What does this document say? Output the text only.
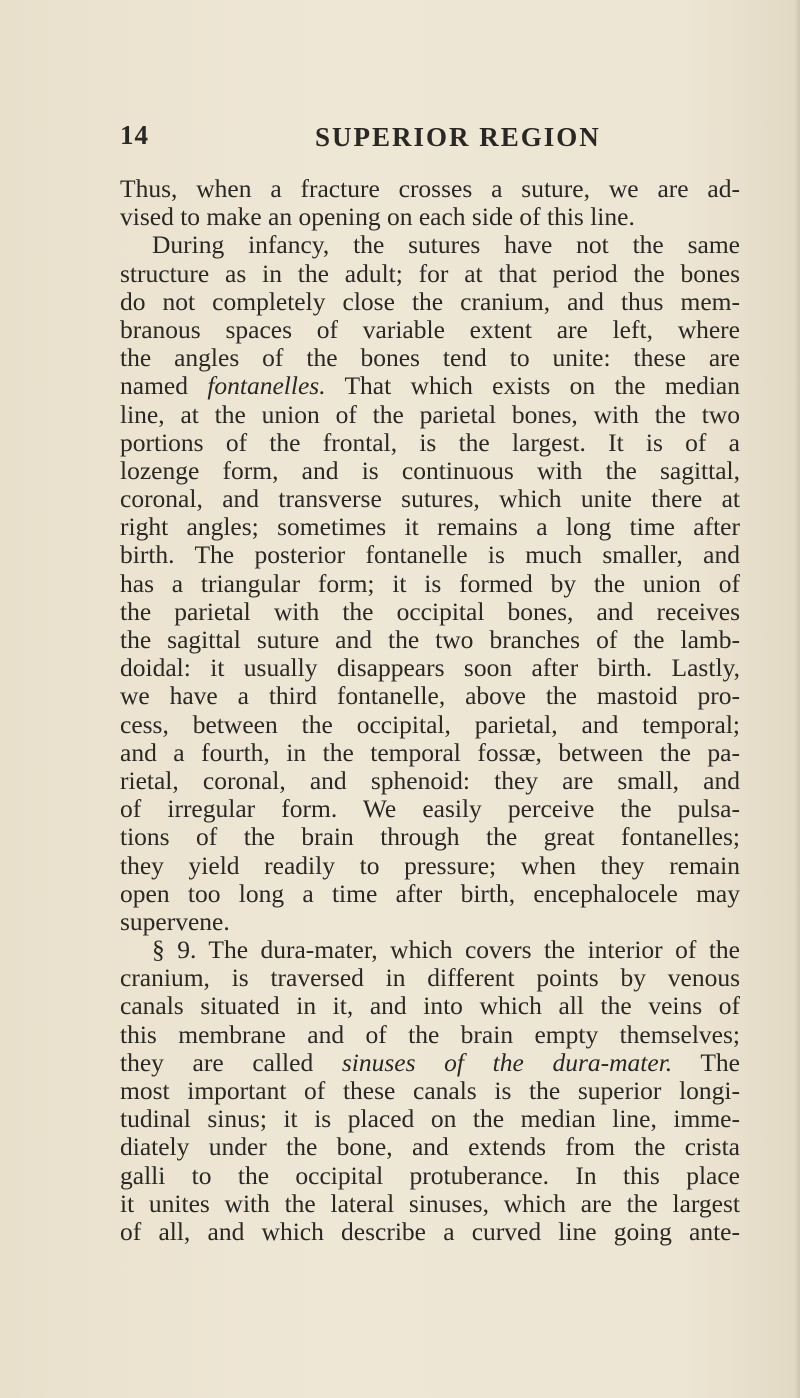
14	SUPERIOR REGION
Thus, when a fracture crosses a suture, we are ad-
vised to make an opening on each side of this line.
During infancy, the sutures have not the same
structure as in the adult; for at that period the bones
do not completely close the cranium, and thus mem-
branous spaces of variable extent are left, where
the angles of the bones tend to unite: these are
named fontanelles. That which exists on the median
line, at the union of the parietal bones, with the two
portions of the frontal, is the largest. It is of a
lozenge form, and is continuous with the sagittal,
coronal, and transverse sutures, which unite there at
right angles; sometimes it remains a long time after
birth. The posterior fontanelle is much smaller, and
has a triangular form; it is formed by the union of
the parietal with the occipital bones, and receives
the sagittal suture and the two branches of the lamb-
doidal: it usually disappears soon after birth. Lastly,
we have a third fontanelle, above the mastoid pro-
cess, between the occipital, parietal, and temporal;
and a fourth, in the temporal fossæ, between the pa-
rietal, coronal, and sphenoid: they are small, and
of irregular form. We easily perceive the pulsa-
tions of the brain through the great fontanelles;
they yield readily to pressure; when they remain
open too long a time after birth, encephalocele may
supervene.
§ 9. The dura-mater, which covers the interior of the
cranium, is traversed in different points by venous
canals situated in it, and into which all the veins of
this membrane and of the brain empty themselves;
they are called sinuses of the dura-mater. The
most important of these canals is the superior longi-
tudinal sinus; it is placed on the median line, imme-
diately under the bone, and extends from the crista
galli to the occipital protuberance. In this place
it unites with the lateral sinuses, which are the largest
of all, and which describe a curved line going ante-
